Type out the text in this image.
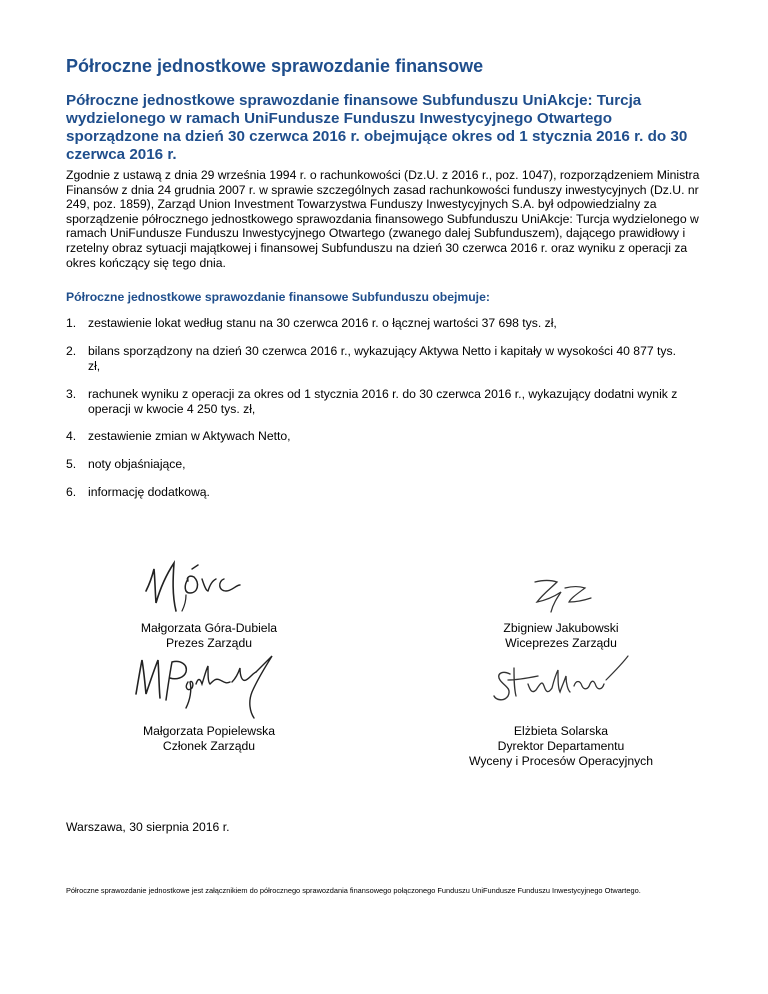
Półroczne jednostkowe sprawozdanie finansowe
Półroczne jednostkowe sprawozdanie finansowe Subfunduszu UniAkcje: Turcja wydzielonego w ramach UniFundusze Funduszu Inwestycyjnego Otwartego sporządzone na dzień 30 czerwca 2016 r. obejmujące okres od 1 stycznia 2016 r. do 30 czerwca 2016 r.

Zgodnie z ustawą z dnia 29 września 1994 r. o rachunkowości (Dz.U. z 2016 r., poz. 1047), rozporządzeniem Ministra Finansów z dnia 24 grudnia 2007 r. w sprawie szczególnych zasad rachunkowości funduszy inwestycyjnych (Dz.U. nr 249, poz. 1859), Zarząd Union Investment Towarzystwa Funduszy Inwestycyjnych S.A. był odpowiedzialny za sporządzenie półrocznego jednostkowego sprawozdania finansowego Subfunduszu UniAkcje: Turcja wydzielonego w ramach UniFundusze Funduszu Inwestycyjnego Otwartego (zwanego dalej Subfunduszem), dającego prawidłowy i rzetelny obraz sytuacji majątkowej i finansowej Subfunduszu na dzień 30 czerwca 2016 r. oraz wyniku z operacji za okres kończący się tego dnia.

Półroczne jednostkowe sprawozdanie finansowe Subfunduszu obejmuje:
1. zestawienie lokat według stanu na 30 czerwca 2016 r. o łącznej wartości 37 698 tys. zł,
2. bilans sporządzony na dzień 30 czerwca 2016 r., wykazujący Aktywa Netto i kapitały w wysokości 40 877 tys. zł,
3. rachunek wyniku z operacji za okres od 1 stycznia 2016 r. do 30 czerwca 2016 r., wykazujący dodatni wynik z operacji w kwocie 4 250 tys. zł,
4. zestawienie zmian w Aktywach Netto,
5. noty objaśniające,
6. informację dodatkową.
Małgorzata Góra-Dubiela
Prezes Zarządu
Zbigniew Jakubowski
Wiceprezes Zarządu
Małgorzata Popielewska
Członek Zarządu
Elżbieta Solarska
Dyrektor Departamentu
Wyceny i Procesów Operacyjnych

Warszawa, 30 sierpnia 2016 r.

Półroczne sprawozdanie jednostkowe jest załącznikiem do półrocznego sprawozdania finansowego połączonego Funduszu UniFundusze Funduszu Inwestycyjnego Otwartego.
